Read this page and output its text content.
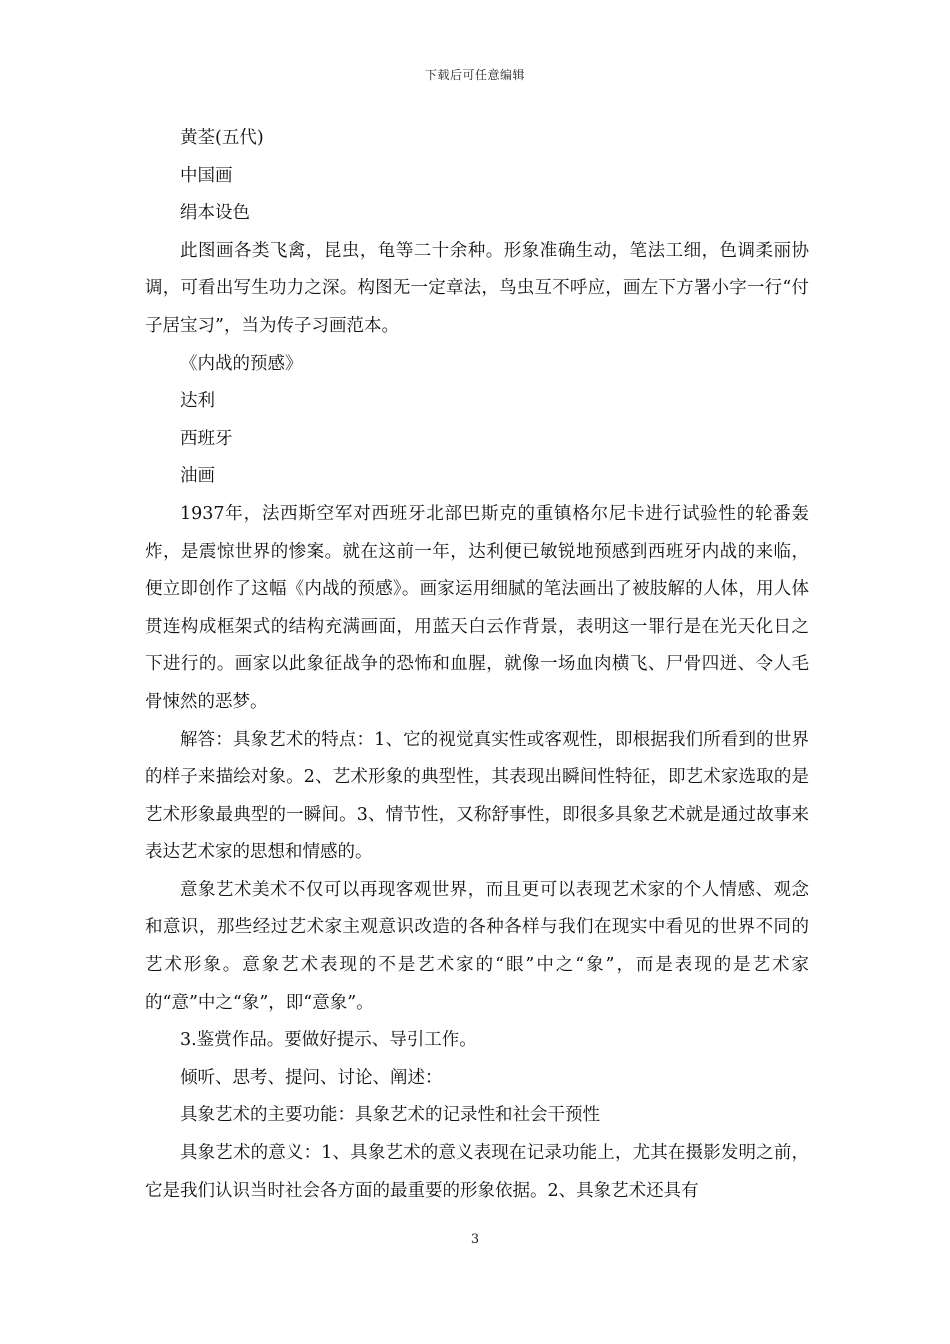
下载后可任意编辑

黄荃(五代)

中国画

绢本设色

此图画各类飞禽，昆虫，龟等二十余种。形象准确生动，笔法工细，色调柔丽协调，可看出写生功力之深。构图无一定章法，鸟虫互不呼应，画左下方署小字一行“付子居宝习”，当为传子习画范本。

《内战的预感》

达利

西班牙

油画

1937年，法西斯空军对西班牙北部巴斯克的重镇格尔尼卡进行试验性的轮番轰炸，是震惊世界的惨案。就在这前一年，达利便已敏锐地预感到西班牙内战的来临，便立即创作了这幅《内战的预感》。画家运用细腻的笔法画出了被肢解的人体，用人体贯连构成框架式的结构充满画面，用蓝天白云作背景，表明这一罪行是在光天化日之下进行的。画家以此象征战争的恐怖和血腥，就像一场血肉横飞、尸骨四迸、令人毛骨悚然的恶梦。

解答：具象艺术的特点：1、它的视觉真实性或客观性，即根据我们所看到的世界的样子来描绘对象。2、艺术形象的典型性，其表现出瞬间性特征，即艺术家选取的是艺术形象最典型的一瞬间。3、情节性，又称舒事性，即很多具象艺术就是通过故事来表达艺术家的思想和情感的。

意象艺术美术不仅可以再现客观世界，而且更可以表现艺术家的个人情感、观念和意识，那些经过艺术家主观意识改造的各种各样与我们在现实中看见的世界不同的艺术形象。意象艺术表现的不是艺术家的“眼”中之“象”，而是表现的是艺术家的“意”中之“象”，即“意象”。

3.鉴赏作品。要做好提示、导引工作。

倾听、思考、提问、讨论、阐述：

具象艺术的主要功能：具象艺术的记录性和社会干预性

具象艺术的意义：1、具象艺术的意义表现在记录功能上，尤其在摄影发明之前，它是我们认识当时社会各方面的最重要的形象依据。2、具象艺术还具有

3
